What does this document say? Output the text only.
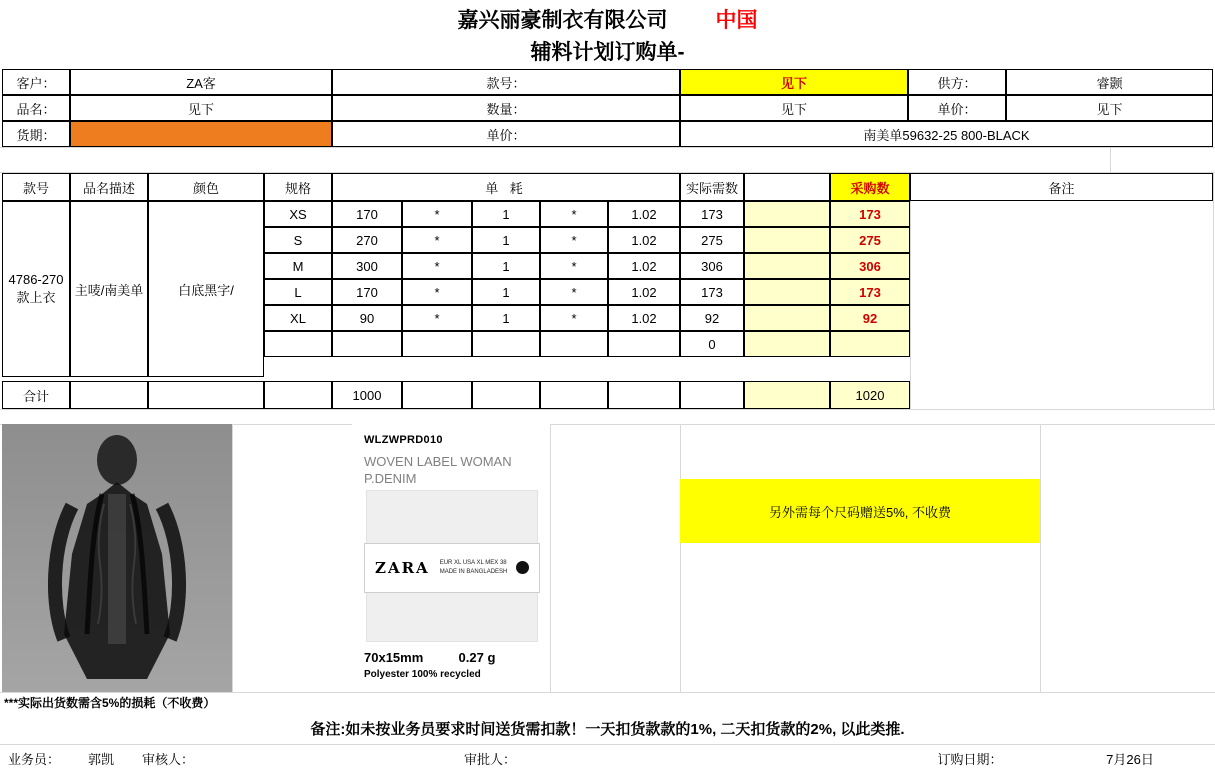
嘉兴丽豪制衣有限公司 中国
辅料计划订购单-
客户：	ZA客	款号：	见下	供方：	睿颢
品名：	见下	数量：	见下	单价：	见下
货期：	单价：	南美单59632-25 800-BLACK
款号	品名描述	颜色	规格	单 耗	实际需数	采购数	备注
4786-270款上衣	主唛/南美单	白底黑字/
XS	170	*	1	*	1.02	173	173
S	270	*	1	*	1.02	275	275
M	300	*	1	*	1.02	306	306
L	170	*	1	*	1.02	173	173
XL	90	*	1	*	1.02	92	92
0
合计	1000	1020
WLZWPRD010
WOVEN LABEL WOMAN
P.DENIM
ZARA EUR XL USA XL MEX 38
MADE IN BANGLADESH
70x15mm	0.27 g
Polyester 100% recycled
另外需每个尺码赠送5%, 不收费
***实际出货数需含5%的损耗（不收费）
备注:如未按业务员要求时间送货需扣款！一天扣货款款的1%, 二天扣货款的2%, 以此类推.
业务员：	郭凯	审核人：	审批人：	订购日期：	7月26日
